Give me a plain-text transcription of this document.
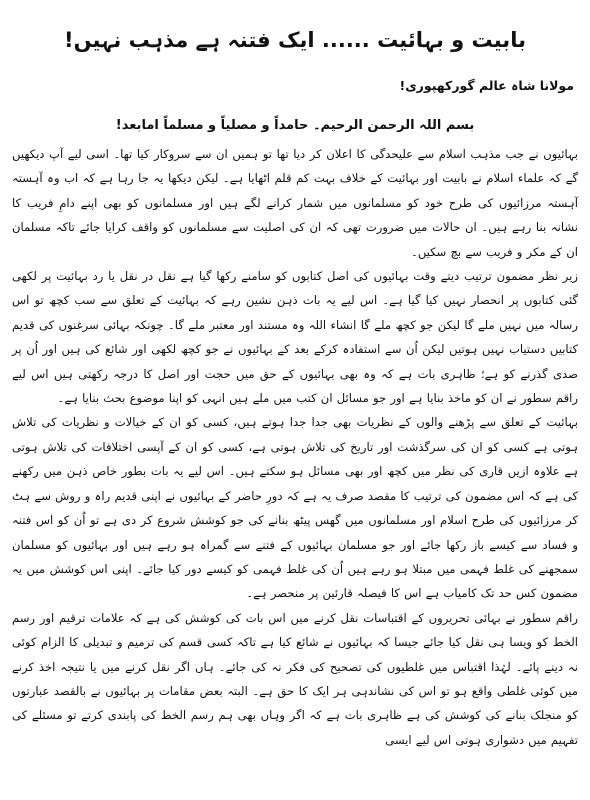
بابیت و بہائیت ...... ایک فتنہ ہے مذہب نہیں!
مولانا شاہ عالم گورکھپوری!
بسم اللہ الرحمن الرحیم۔ حامداً و مصلیاً و مسلماً امابعد!

بہائیوں نے جب مذہب اسلام سے علیحدگی کا اعلان کر دیا تھا تو ہمیں ان سے سروکار کیا تھا۔ اسی لیے آپ دیکھیں گے کہ علماء اسلام نے بابیت اور بہائیت کے خلاف بہت کم قلم اٹھایا ہے۔ لیکن دیکھا یہ جا رہا ہے کہ اب وہ آہستہ آہستہ مرزائیوں کی طرح خود کو مسلمانوں میں شمار کرانے لگے ہیں اور مسلمانوں کو بھی اپنے دامِ فریب کا نشانہ بنا رہے ہیں۔ ان حالات میں ضرورت تھی کہ ان کی اصلیت سے مسلمانوں کو واقف کرایا جائے تاکہ مسلمان ان کے مکر و فریب سے بچ سکیں۔

زیر نظر مضمون ترتیب دیتے وقت بہائیوں کی اصل کتابوں کو سامنے رکھا گیا ہے نقل در نقل یا رد بہائیت پر لکھی گئی کتابوں پر انحصار نہیں کیا گیا ہے۔ اس لیے یہ بات ذہن نشین رہے کہ بہائیت کے تعلق سے سب کچھ تو اس رسالہ میں نہیں ملے گا لیکن جو کچھ ملے گا انشاء اللہ وہ مستند اور معتبر ملے گا۔ چونکہ بہائی سرغنوں کی قدیم کتابیں دستیاب نہیں ہوتیں لیکن اُن سے استفادہ کرکے بعد کے بہائیوں نے جو کچھ لکھی اور شائع کی ہیں اور اُن پر صدی گذرنے کو ہے؛ ظاہری بات ہے کہ وہ بھی بہائیوں کے حق میں حجت اور اصل کا درجہ رکھتی ہیں اس لیے راقم سطور نے ان کو ماخذ بنایا ہے اور جو مسائل ان کتب میں ملے ہیں انہی کو اپنا موضوع بحث بنایا ہے۔

بہائیت کے تعلق سے پڑھنے والوں کے نظریات بھی جدا جدا ہوتے ہیں، کسی کو ان کے خیالات و نظریات کی تلاش ہوتی ہے کسی کو ان کی سرگذشت اور تاریخ کی تلاش ہوتی ہے، کسی کو ان کے آپسی اختلافات کی تلاش ہوتی ہے علاوہ ازیں قاری کی نظر میں کچھ اور بھی مسائل ہو سکتے ہیں۔ اس لیے یہ بات بطور خاص ذہن میں رکھنے کی ہے کہ اس مضمون کی ترتیب کا مقصد صرف یہ ہے کہ دورِ حاضر کے بہائیوں نے اپنی قدیم راہ و روش سے ہٹ کر مرزائیوں کی طرح اسلام اور مسلمانوں میں گھس پیٹھ بنانے کی جو کوشش شروع کر دی ہے تو اُن کو اس فتنہ و فساد سے کیسے باز رکھا جائے اور جو مسلمان بہائیوں کے فتنے سے گمراہ ہو رہے ہیں اور بہائیوں کو مسلمان سمجھنے کی غلط فہمی میں مبتلا ہو رہے ہیں اُن کی غلط فہمی کو کیسے دور کیا جائے۔ اپنی اس کوشش میں یہ مضمون کس حد تک کامیاب ہے اس کا فیصلہ قارئین پر منحصر ہے۔

راقم سطور نے بہائی تحریروں کے اقتباسات نقل کرنے میں اس بات کی کوشش کی ہے کہ علامات ترقیم اور رسم الخط کو ویسا ہی نقل کیا جائے جیسا کہ بہائیوں نے شائع کیا ہے تاکہ کسی قسم کی ترمیم و تبدیلی کا الزام کوئی نہ دینے پائے۔ لہٰذا اقتباس میں غلطیوں کی تصحیح کی فکر نہ کی جائے۔ ہاں اگر نقل کرنے میں یا نتیجہ اخذ کرنے میں کوئی غلطی واقع ہو تو اس کی نشاندہی ہر ایک کا حق ہے۔ البتہ بعض مقامات پر بہائیوں نے بالقصد عبارتوں کو منجلک بنانے کی کوشش کی ہے ظاہری بات ہے کہ اگر وہاں بھی ہم رسم الخط کی پابندی کرتے تو مسئلے کی تفہیم میں دشواری ہوتی اس لیے ایسی
